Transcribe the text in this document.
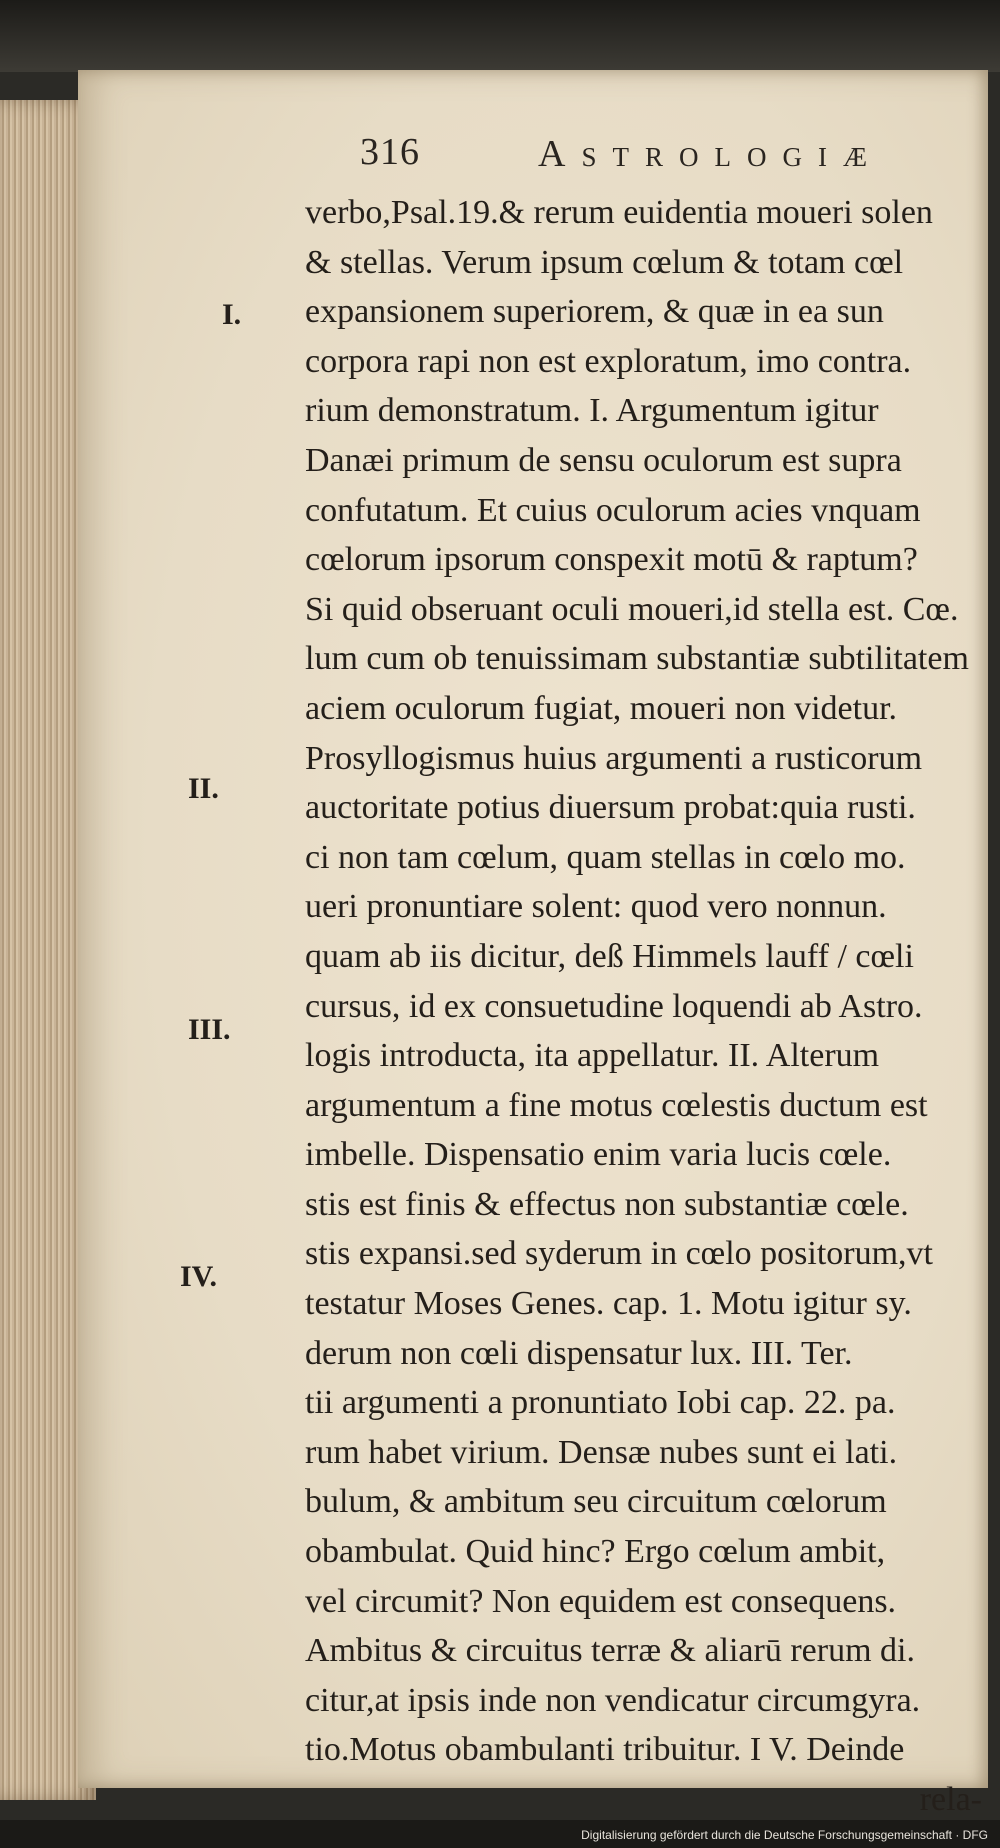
316	Astrologiæ
I.
II.
III.
IV.
verbo,Psal.19.& rerum euidentia moueri solen
& stellas. Verum ipsum cœlum & totam cœl
expansionem superiorem, & quæ in ea sun
corpora rapi non est exploratum, imo contra.
rium demonstratum. I. Argumentum igitur
Danæi primum de sensu oculorum est supra
confutatum. Et cuius oculorum acies vnquam
cœlorum ipsorum conspexit motū & raptum?
Si quid obseruant oculi moueri,id stella est. Cœ.
lum cum ob tenuissimam substantiæ subtilitatem
aciem oculorum fugiat, moueri non videtur.
Prosyllogismus huius argumenti a rusticorum
auctoritate potius diuersum probat:quia rusti.
ci non tam cœlum, quam stellas in cœlo mo.
ueri pronuntiare solent: quod vero nonnun.
quam ab iis dicitur, deß Himmels lauff / cœli
cursus, id ex consuetudine loquendi ab Astro.
logis introducta, ita appellatur. II. Alterum
argumentum a fine motus cœlestis ductum est
imbelle. Dispensatio enim varia lucis cœle.
stis est finis & effectus non substantiæ cœle.
stis expansi.sed syderum in cœlo positorum,vt
testatur Moses Genes. cap. 1. Motu igitur sy.
derum non cœli dispensatur lux. III. Ter.
tii argumenti a pronuntiato Iobi cap. 22. pa.
rum habet virium. Densæ nubes sunt ei lati.
bulum, & ambitum seu circuitum cœlorum
obambulat. Quid hinc? Ergo cœlum ambit,
vel circumit? Non equidem est consequens.
Ambitus & circuitus terræ & aliarū rerum di.
citur,at ipsis inde non vendicatur circumgyra.
tio.Motus obambulanti tribuitur. I V. Deinde
rela-
Digitalisierung gefördert durch die Deutsche Forschungsgemeinschaft · DFG
